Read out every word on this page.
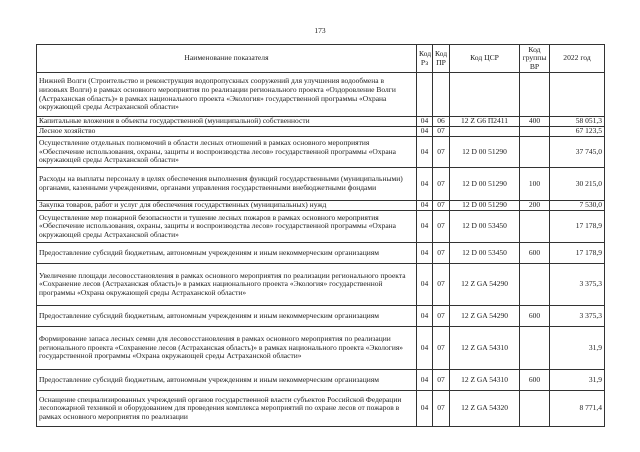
173
Наименование показателя	Код Рз	Код ПР	Код ЦСР	Код группы ВР	2022 год
Нижней Волги (Строительство и реконструкция водопропускных сооружений для улучшения водообмена в низовьях Волги) в рамках основного мероприятия по реализации регионального проекта «Оздоровление Волги (Астраханская область)» в рамках национального проекта «Экология» государственной программы «Охрана окружающей среды Астраханской области»					
Капитальные вложения в объекты государственной (муниципальной) собственности	04	06	12 Z G6 П2411	400	58 051,3
Лесное хозяйство	04	07			67 123,5
Осуществление отдельных полномочий в области лесных отношений в рамках основного мероприятия «Обеспечение использования, охраны, защиты и воспроизводства лесов» государственной программы «Охрана окружающей среды Астраханской области»	04	07	12 D 00 51290		37 745,0
Расходы на выплаты персоналу в целях обеспечения выполнения функций государственными (муниципальными) органами, казенными учреждениями, органами управления государственными внебюджетными фондами	04	07	12 D 00 51290	100	30 215,0
Закупка товаров, работ и услуг для обеспечения государственных (муниципальных) нужд	04	07	12 D 00 51290	200	7 530,0
Осуществление мер пожарной безопасности и тушение лесных пожаров в рамках основного мероприятия «Обеспечение использования, охраны, защиты и воспроизводства лесов» государственной программы «Охрана окружающей среды Астраханской области»	04	07	12 D 00 53450		17 178,9
Предоставление субсидий бюджетным, автономным учреждениям и иным некоммерческим организациям	04	07	12 D 00 53450	600	17 178,9
Увеличение площади лесовосстановления в рамках основного мероприятия по реализации регионального проекта «Сохранение лесов (Астраханская область)» в рамках национального проекта «Экология» государственной программы «Охрана окружающей среды Астраханской области»	04	07	12 Z GA 54290		3 375,3
Предоставление субсидий бюджетным, автономным учреждениям и иным некоммерческим организациям	04	07	12 Z GA 54290	600	3 375,3
Формирование запаса лесных семян для лесовосстановления в рамках основного мероприятия по реализации регионального проекта «Сохранение лесов (Астраханская область)» в рамках национального проекта «Экология» государственной программы «Охрана окружающей среды Астраханской области»	04	07	12 Z GA 54310		31,9
Предоставление субсидий бюджетным, автономным учреждениям и иным некоммерческим организациям	04	07	12 Z GA 54310	600	31,9
Оснащение специализированных учреждений органов государственной власти субъектов Российской Федерации лесопожарной техникой и оборудованием для проведения комплекса мероприятий по охране лесов от пожаров в рамках основного мероприятия по реализации	04	07	12 Z GA 54320		8 771,4
